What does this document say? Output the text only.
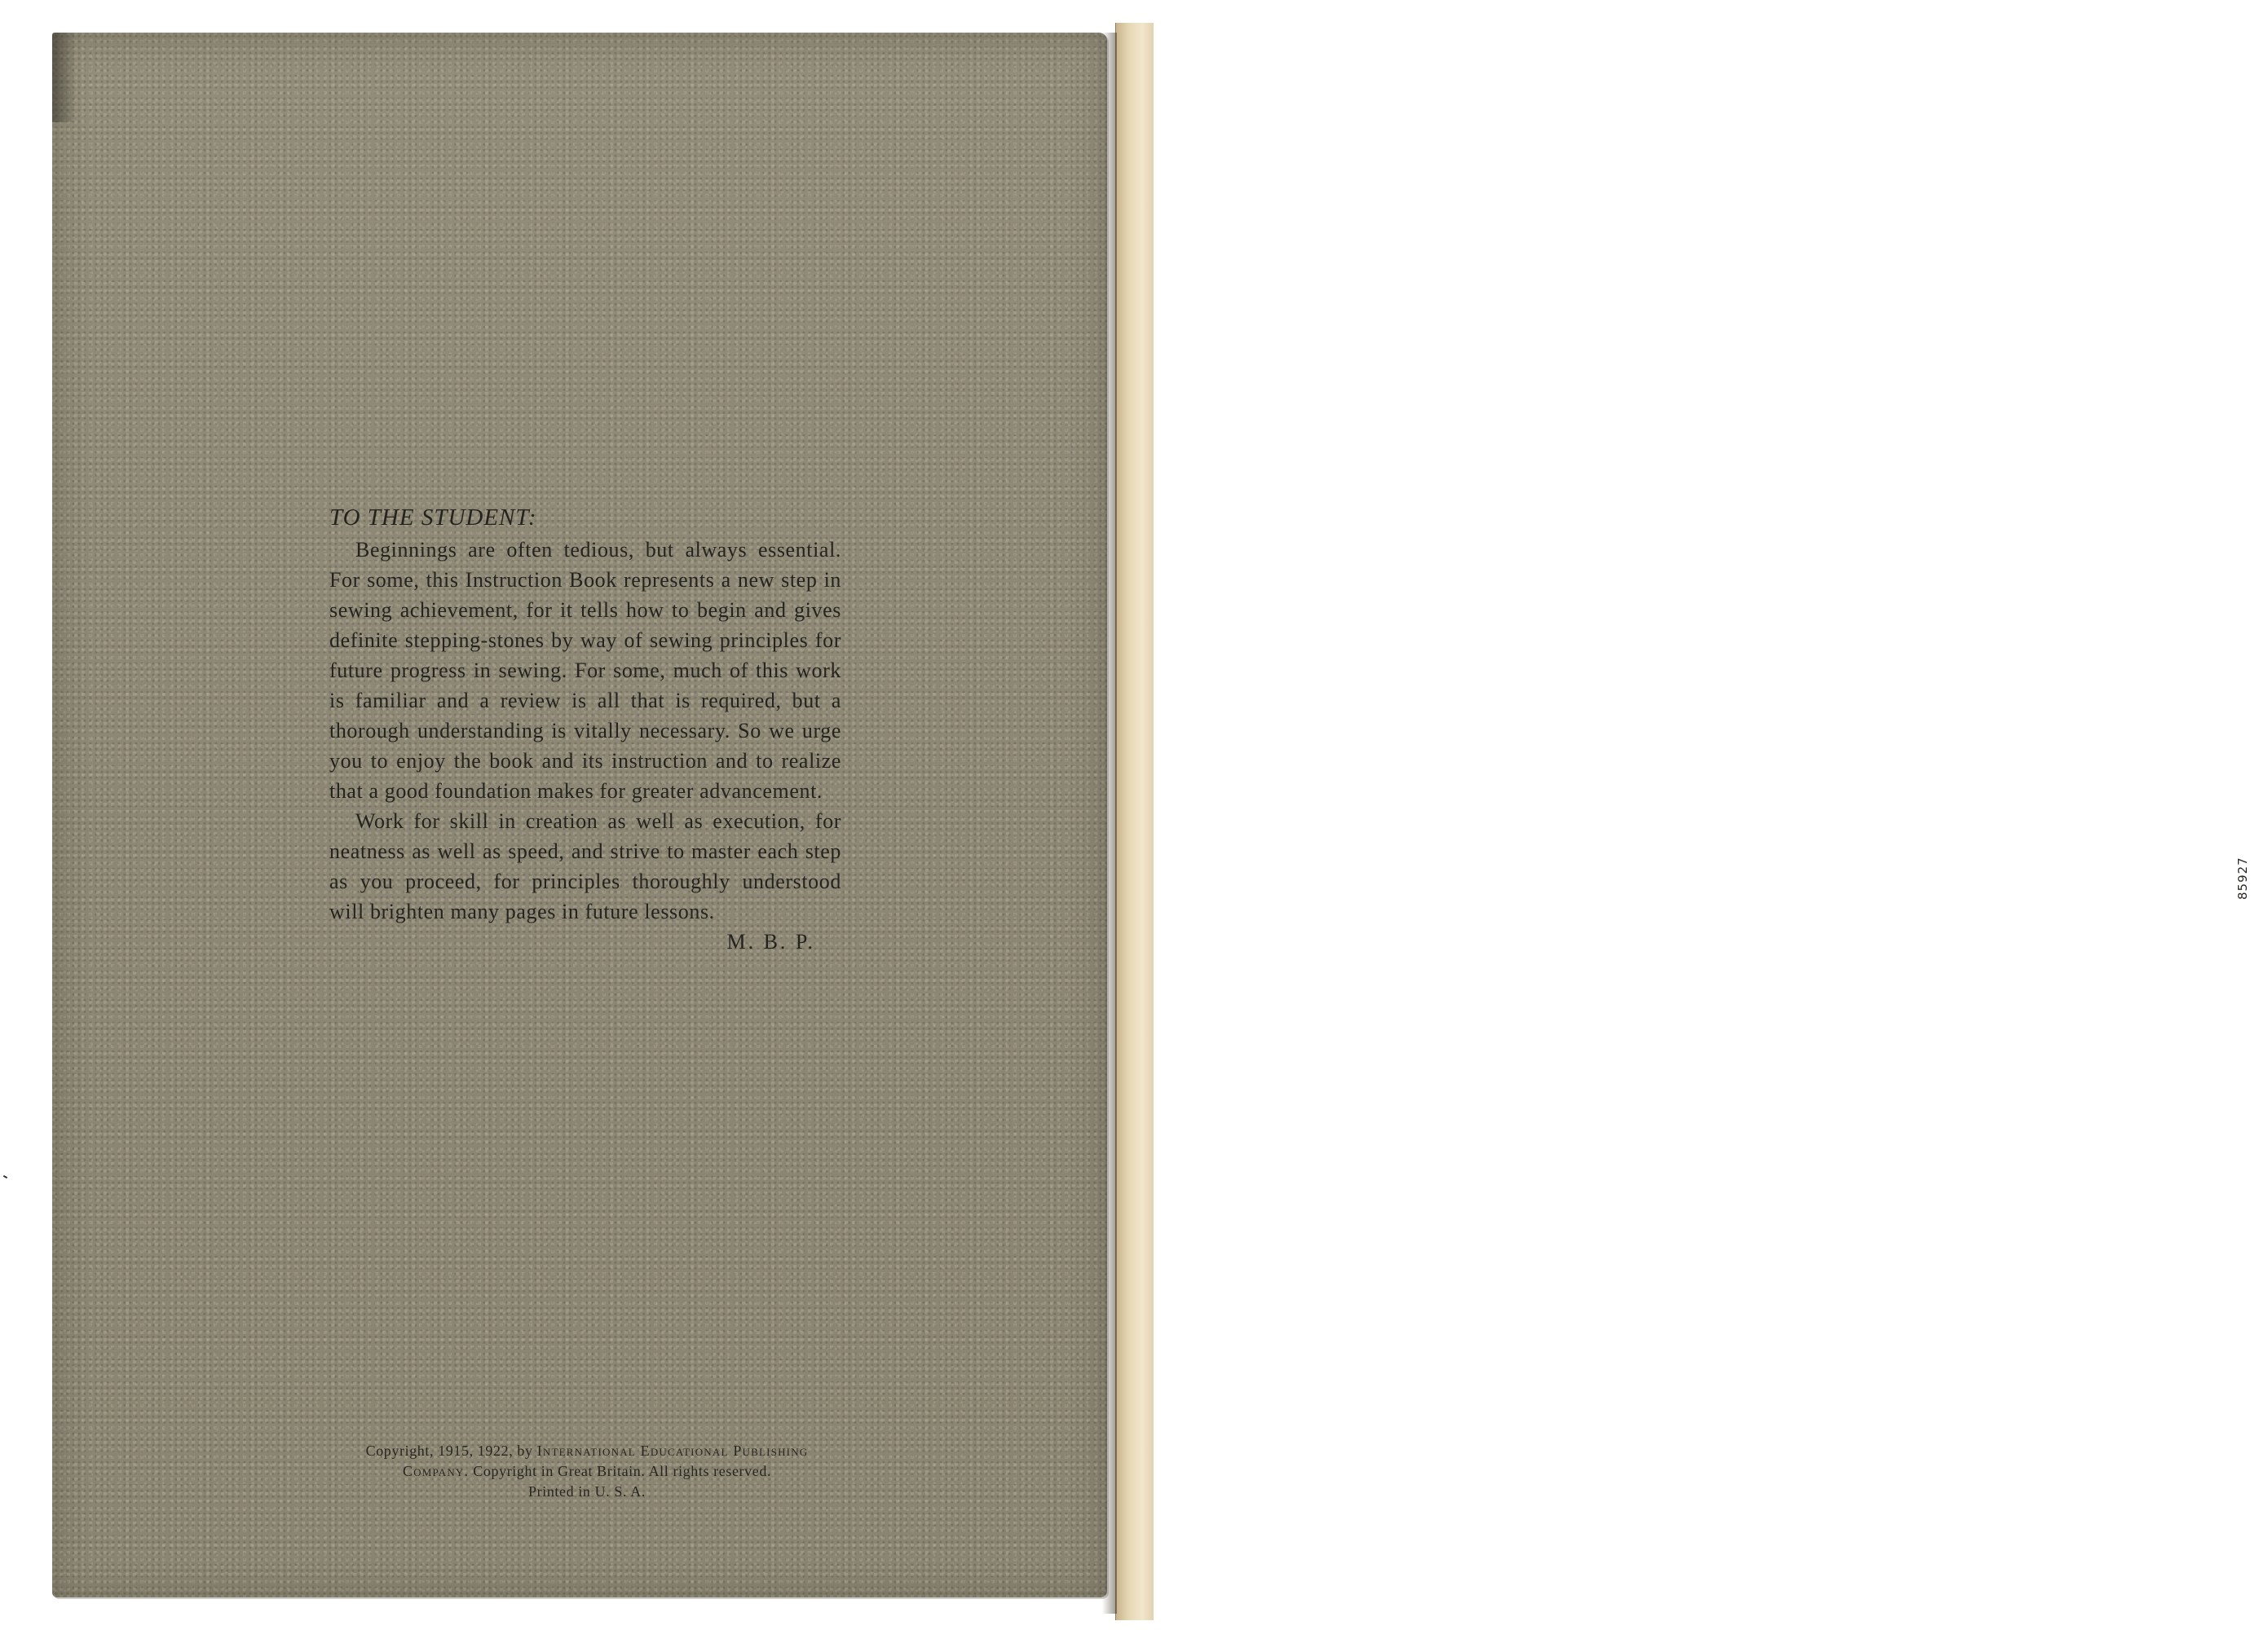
85927
TO THE STUDENT:

Beginnings are often tedious, but always essential. For some, this Instruction Book represents a new step in sewing achievement, for it tells how to begin and gives definite stepping-stones by way of sewing principles for future progress in sewing. For some, much of this work is familiar and a review is all that is required, but a thorough understanding is vitally necessary. So we urge you to enjoy the book and its instruction and to realize that a good foundation makes for greater advancement.

Work for skill in creation as well as execution, for neatness as well as speed, and strive to master each step as you proceed, for principles thoroughly understood will brighten many pages in future lessons.

M. B. P.
Copyright, 1915, 1922, by International Educational Publishing
Company. Copyright in Great Britain. All rights reserved.
Printed in U. S. A.
